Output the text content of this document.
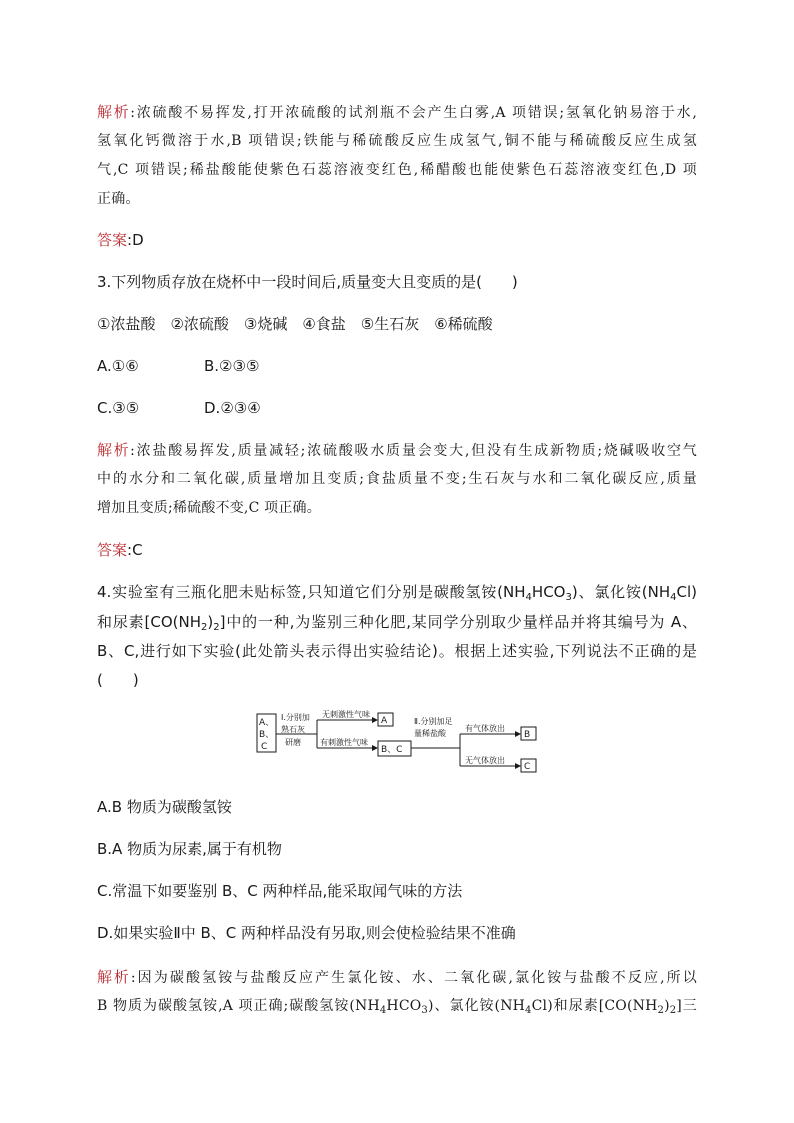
解析:浓硫酸不易挥发,打开浓硫酸的试剂瓶不会产生白雾,A 项错误;氢氧化钠易溶于水,
氢氧化钙微溶于水,B 项错误;铁能与稀硫酸反应生成氢气,铜不能与稀硫酸反应生成氢
气,C 项错误;稀盐酸能使紫色石蕊溶液变红色,稀醋酸也能使紫色石蕊溶液变红色,D 项
正确。
答案:D
3.下列物质存放在烧杯中一段时间后,质量变大且变质的是(　　)
①浓盐酸　②浓硫酸　③烧碱　④食盐　⑤生石灰　⑥稀硫酸
A.①⑥	B.②③⑤
C.③⑤	D.②③④
解析:浓盐酸易挥发,质量减轻;浓硫酸吸水质量会变大,但没有生成新物质;烧碱吸收空气
中的水分和二氧化碳,质量增加且变质;食盐质量不变;生石灰与水和二氧化碳反应,质量
增加且变质;稀硫酸不变,C 项正确。
答案:C
4.实验室有三瓶化肥未贴标签,只知道它们分别是碳酸氢铵$(NH_4HCO_3)$、氯化铵$(NH_4Cl)$
和尿素$[CO(NH_2)_2]$中的一种,为鉴别三种化肥,某同学分别取少量样品并将其编号为 A、
B、C,进行如下实验(此处箭头表示得出实验结论)。根据上述实验,下列说法不正确的是
(　　)
A、
B、
C
Ⅰ.分别加
熟石灰
研磨
无刺激性气味
有刺激性气味
A
B、C
Ⅱ.分别加足
量稀盐酸
有气体放出
无气体放出
B
C
A.B 物质为碳酸氢铵
B.A 物质为尿素,属于有机物
C.常温下如要鉴别 B、C 两种样品,能采取闻气味的方法
D.如果实验Ⅱ中 B、C 两种样品没有另取,则会使检验结果不准确
解析:因为碳酸氢铵与盐酸反应产生氯化铵、水、二氧化碳,氯化铵与盐酸不反应,所以
B 物质为碳酸氢铵,A 项正确;碳酸氢铵$(NH_4HCO_3)$、氯化铵$(NH_4Cl)$和尿素$[CO(NH_2)_2]$三
